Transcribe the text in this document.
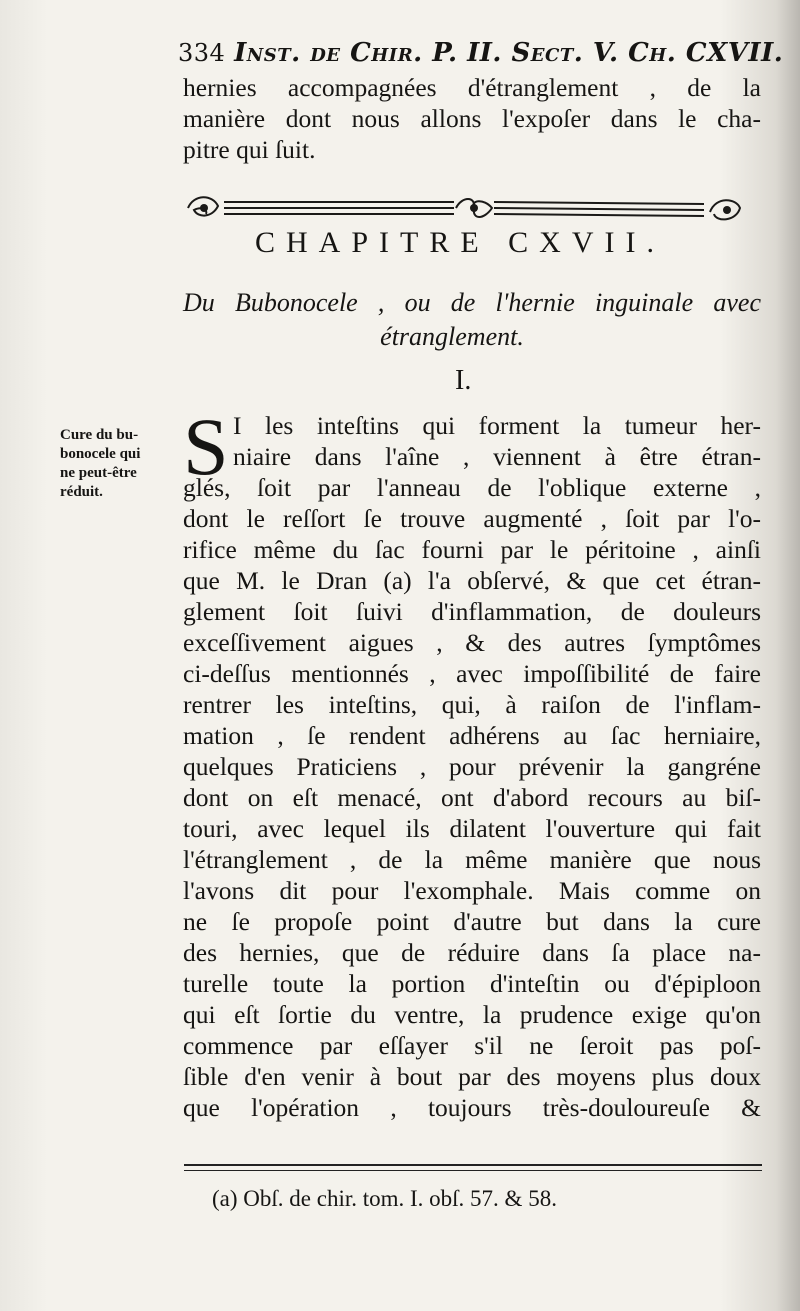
334 Inst. de Chir. P. II. Sect. V. Ch. CXVII.
hernies accompagnées d'étranglement , de la
manière dont nous allons l'expoſer dans le cha-
pitre qui ſuit.
CHAPITRE CXVII.
Du Bubonocele , ou de l'hernie inguinale avec
étranglement.
I.
Cure du bu-
bonocele qui
ne peut-être
réduit. S I les inteſtins qui forment la tumeur her-
niaire dans l'aîne , viennent à être étran-
glés, ſoit par l'anneau de l'oblique externe ,
dont le reſſort ſe trouve augmenté , ſoit par l'o-
rifice même du ſac fourni par le péritoine , ainſi
que M. le Dran (a) l'a obſervé, & que cet étran-
glement ſoit ſuivi d'inflammation, de douleurs
exceſſivement aigues , & des autres ſymptômes
ci-deſſus mentionnés , avec impoſſibilité de faire
rentrer les inteſtins, qui, à raiſon de l'inflam-
mation , ſe rendent adhérens au ſac herniaire,
quelques Praticiens , pour prévenir la gangréne
dont on eſt menacé, ont d'abord recours au biſ-
touri, avec lequel ils dilatent l'ouverture qui fait
l'étranglement , de la même manière que nous
l'avons dit pour l'exomphale. Mais comme on
ne ſe propoſe point d'autre but dans la cure
des hernies, que de réduire dans ſa place na-
turelle toute la portion d'inteſtin ou d'épiploon
qui eſt ſortie du ventre, la prudence exige qu'on
commence par eſſayer s'il ne ſeroit pas poſ-
ſible d'en venir à bout par des moyens plus doux
que l'opération , toujours très-douloureuſe &
(a) Obſ. de chir. tom. I. obſ. 57. & 58.
